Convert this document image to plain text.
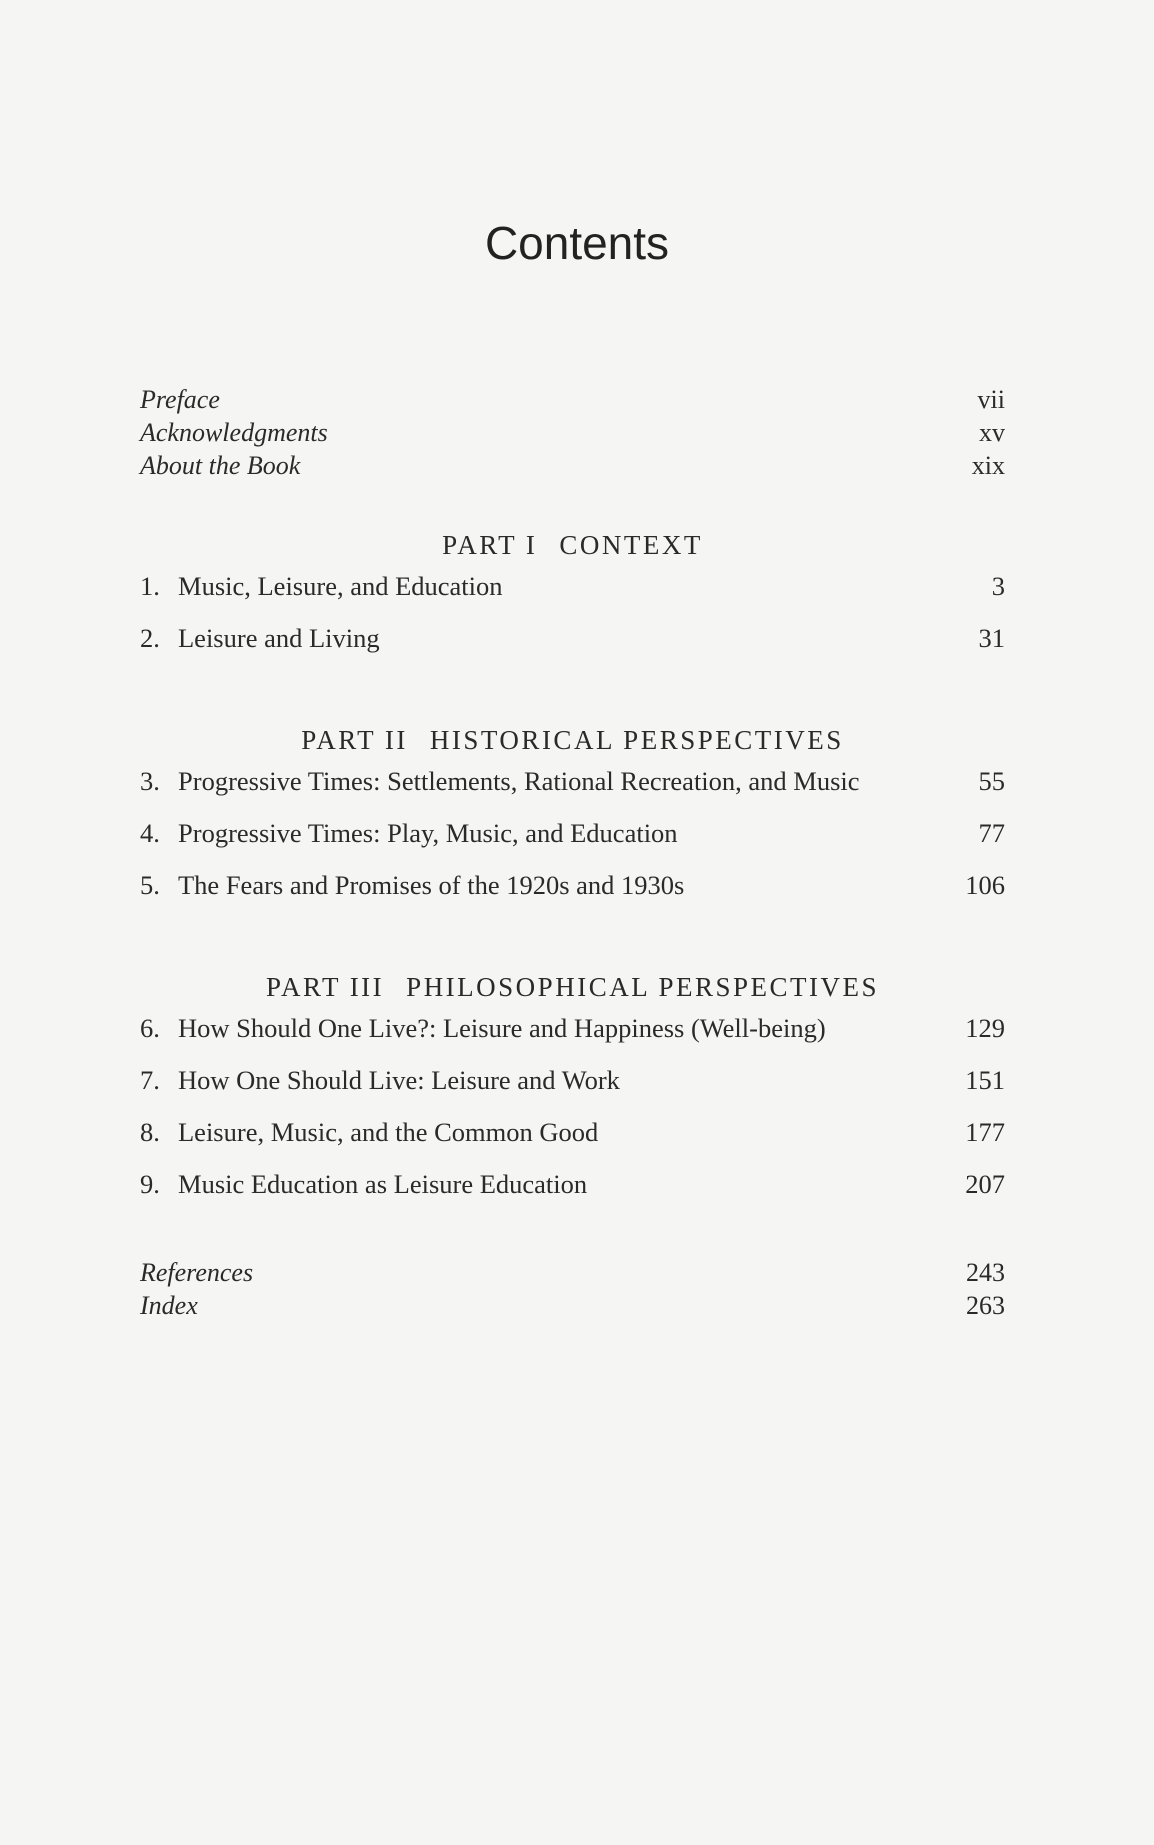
Contents
Preface	vii
Acknowledgments	xv
About the Book	xix
PART I CONTEXT
1. Music, Leisure, and Education	3
2. Leisure and Living	31
PART II HISTORICAL PERSPECTIVES
3. Progressive Times: Settlements, Rational Recreation, and Music	55
4. Progressive Times: Play, Music, and Education	77
5. The Fears and Promises of the 1920s and 1930s	106
PART III PHILOSOPHICAL PERSPECTIVES
6. How Should One Live?: Leisure and Happiness (Well-being)	129
7. How One Should Live: Leisure and Work	151
8. Leisure, Music, and the Common Good	177
9. Music Education as Leisure Education	207
References	243
Index	263
